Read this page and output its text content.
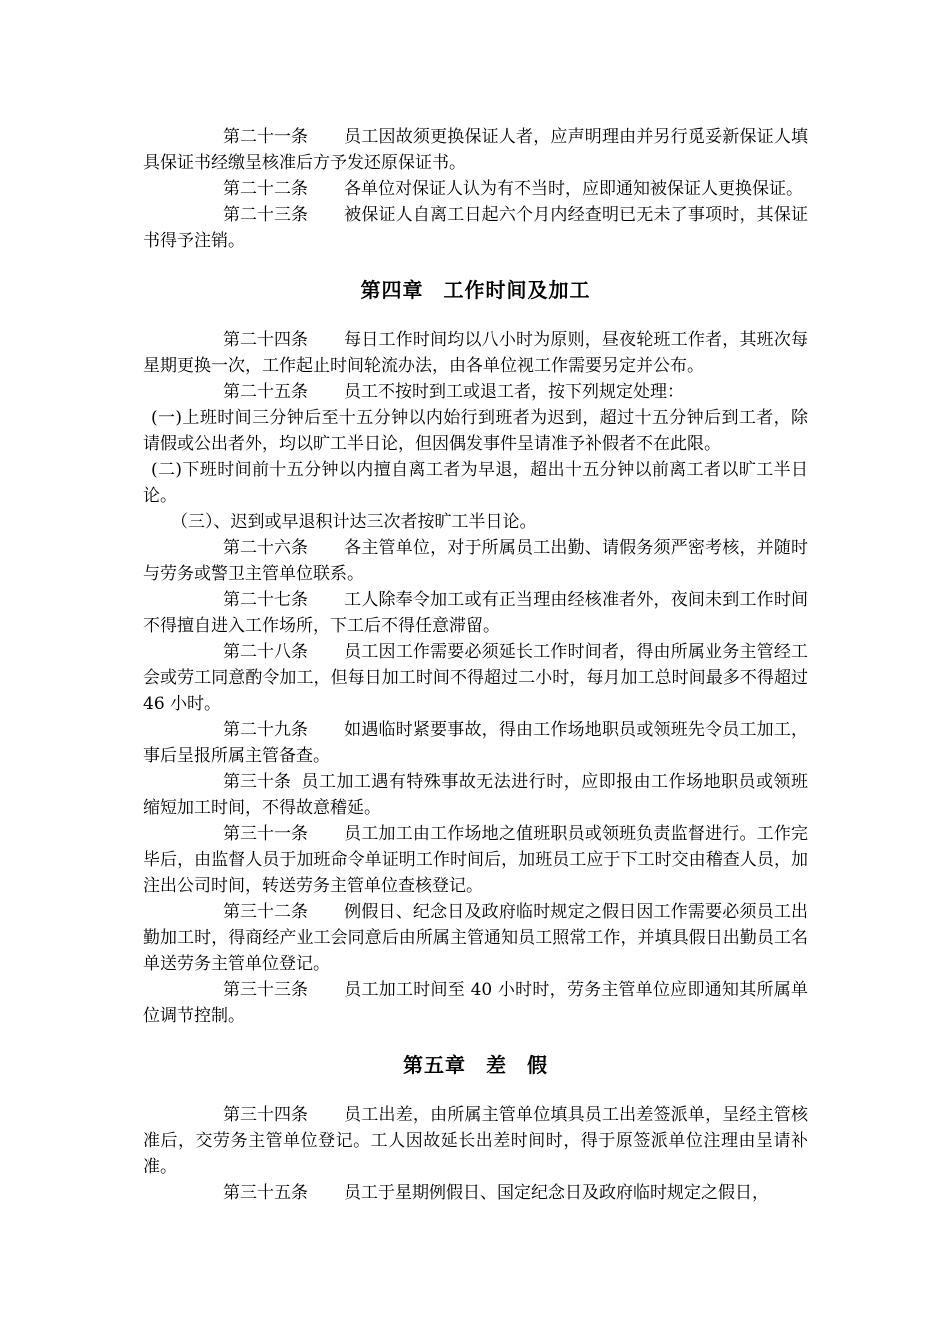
第二十一条 员工因故须更换保证人者，应声明理由并另行觅妥新保证人填具保证书经缴呈核准后方予发还原保证书。

第二十二条 各单位对保证人认为有不当时，应即通知被保证人更换保证。

第二十三条 被保证人自离工日起六个月内经查明已无未了事项时，其保证书得予注销。

第四章 工作时间及加工

第二十四条 每日工作时间均以八小时为原则，昼夜轮班工作者，其班次每星期更换一次，工作起止时间轮流办法，由各单位视工作需要另定并公布。

第二十五条 员工不按时到工或退工者，按下列规定处理：

(一)上班时间三分钟后至十五分钟以内始行到班者为迟到，超过十五分钟后到工者，除请假或公出者外，均以旷工半日论，但因偶发事件呈请准予补假者不在此限。

(二)下班时间前十五分钟以内擅自离工者为早退，超出十五分钟以前离工者以旷工半日论。

（三）、迟到或早退积计达三次者按旷工半日论。

第二十六条 各主管单位，对于所属员工出勤、请假务须严密考核，并随时与劳务或警卫主管单位联系。

第二十七条 工人除奉令加工或有正当理由经核准者外，夜间未到工作时间不得擅自进入工作场所，下工后不得任意滞留。

第二十八条 员工因工作需要必须延长工作时间者，得由所属业务主管经工会或劳工同意酌令加工，但每日加工时间不得超过二小时，每月加工总时间最多不得超过 46 小时。

第二十九条 如遇临时紧要事故，得由工作场地职员或领班先令员工加工，事后呈报所属主管备查。

第三十条 员工加工遇有特殊事故无法进行时，应即报由工作场地职员或领班缩短加工时间，不得故意稽延。

第三十一条 员工加工由工作场地之值班职员或领班负责监督进行。工作完毕后，由监督人员于加班命令单证明工作时间后，加班员工应于下工时交由稽查人员，加注出公司时间，转送劳务主管单位查核登记。

第三十二条 例假日、纪念日及政府临时规定之假日因工作需要必须员工出勤加工时，得商经产业工会同意后由所属主管通知员工照常工作，并填具假日出勤员工名单送劳务主管单位登记。

第三十三条 员工加工时间至 40 小时时，劳务主管单位应即通知其所属单位调节控制。

第五章 差 假

第三十四条 员工出差，由所属主管单位填具员工出差签派单，呈经主管核准后，交劳务主管单位登记。工人因故延长出差时间时，得于原签派单位注理由呈请补准。

第三十五条 员工于星期例假日、国定纪念日及政府临时规定之假日，
